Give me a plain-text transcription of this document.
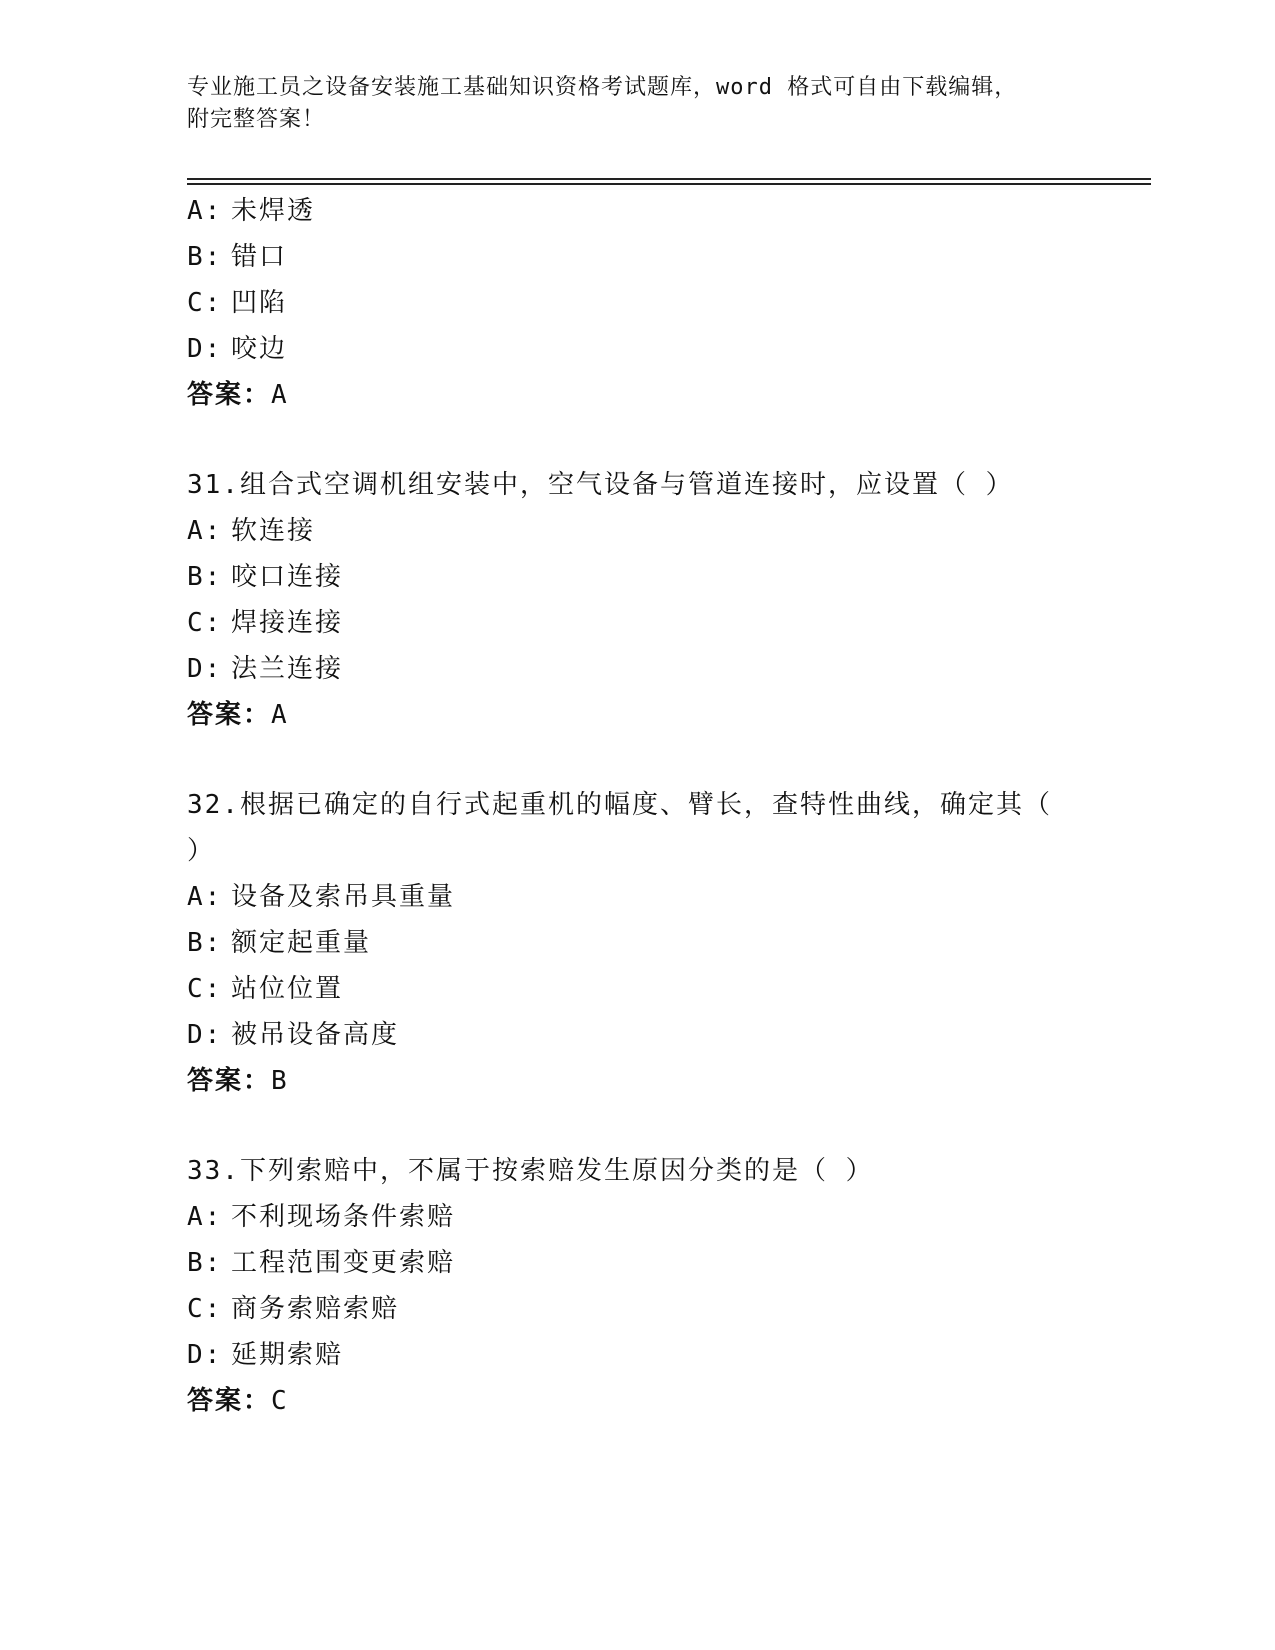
专业施工员之设备安装施工基础知识资格考试题库，word 格式可自由下载编辑，
附完整答案！
A: 未焊透
B: 错口
C: 凹陷
D: 咬边
答案：A
31.组合式空调机组安装中，空气设备与管道连接时，应设置（ ）
A: 软连接
B: 咬口连接
C: 焊接连接
D: 法兰连接
答案：A
32.根据已确定的自行式起重机的幅度、臂长，查特性曲线，确定其（
）
A: 设备及索吊具重量
B: 额定起重量
C: 站位位置
D: 被吊设备高度
答案：B
33.下列索赔中，不属于按索赔发生原因分类的是（ ）
A: 不利现场条件索赔
B: 工程范围变更索赔
C: 商务索赔索赔
D: 延期索赔
答案：C
